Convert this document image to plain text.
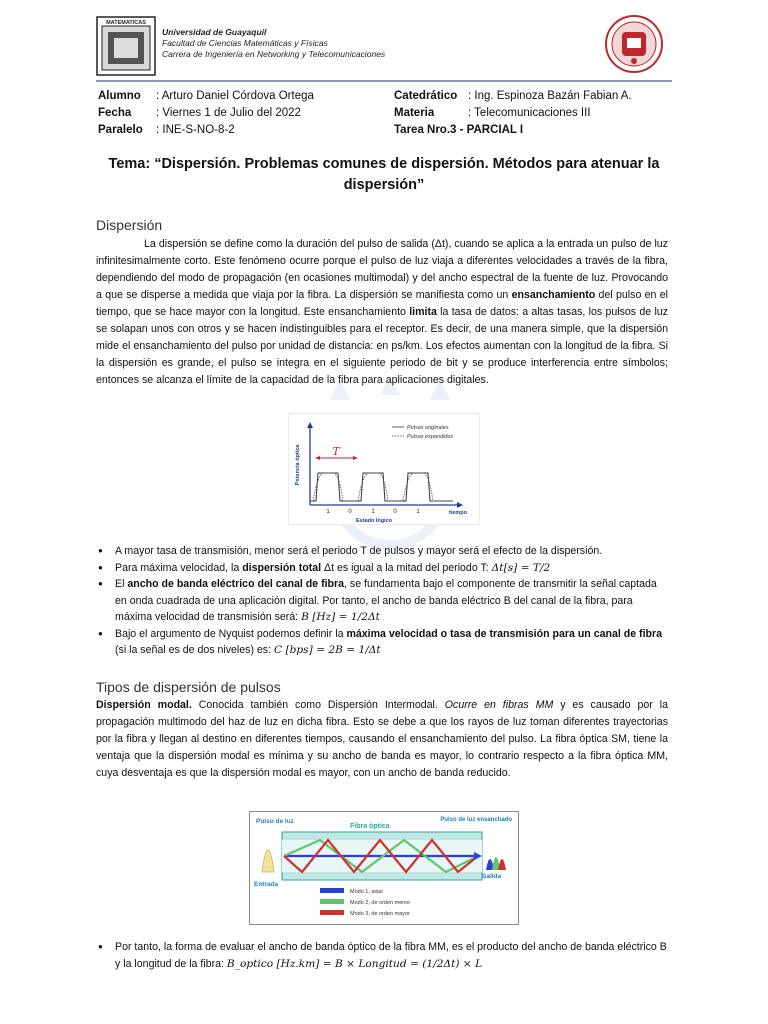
MATEMATICAS
Universidad de Guayaquil
Facultad de Ciencias Matemáticas y Físicas
Carrera de Ingeniería en Networking y Telecomunicaciones
Alumno	: Arturo Daniel Córdova Ortega
Fecha	: Viernes 1 de Julio del 2022
Paralelo	: INE-S-NO-8-2
Catedrático : Ing. Espinoza Bazán Fabian A.
Materia	: Telecomunicaciones III
Tarea Nro.3 - PARCIAL I
Tema: “Dispersión. Problemas comunes de dispersión. Métodos para atenuar la
dispersión”
Dispersión

La dispersión se define como la duración del pulso de salida (Δt), cuando se aplica a la entrada un pulso de luz infinitesimalmente corto. Este fenómeno ocurre porque el pulso de luz viaja a diferentes velocidades a través de la fibra, dependiendo del modo de propagación (en ocasiones multimodal) y del ancho espectral de la fuente de luz. Provocando a que se disperse a medida que viaja por la fibra. La dispersión se manifiesta como un ensanchamiento del pulso en el tiempo, que se hace mayor con la longitud. Este ensanchamiento limita la tasa de datos: a altas tasas, los pulsos de luz se solapan unos con otros y se hacen indistinguibles para el receptor. Es decir, de una manera simple, que la dispersión mide el ensanchamiento del pulso por unidad de distancia: en ps/km. Los efectos aumentan con la longitud de la fibra. Si la dispersión es grande, el pulso se integra en el siguiente periodo de bit y se produce interferencia entre símbolos; entonces se alcanza el límite de la capacidad de la fibra para aplicaciones digitales.

Potencia óptica
Pulsos originales
Pulsos expandidos
T
1	0	1	0	1	tiempo
Estado lógico

● A mayor tasa de transmisión, menor será el periodo T de pulsos y mayor será el efecto de la dispersión.

● Para máxima velocidad, la dispersión total Δt es igual a la mitad del periodo T: Δt[s] = T/2

● El ancho de banda eléctrico del canal de fibra, se fundamenta bajo el componente de transmitir la señal captada en onda cuadrada de una aplicación digital. Por tanto, el ancho de banda eléctrico B del canal de la fibra, para máxima velocidad de transmisión será: B [Hz] = 1/2Δt

● Bajo el argumento de Nyquist podemos definir la máxima velocidad o tasa de transmisión para un canal de fibra (si la señal es de dos niveles) es: C [bps] = 2B = 1/Δt

Tipos de dispersión de pulsos

Dispersión modal. Conocida también como Dispersión Intermodal. Ocurre en fibras MM y es causado por la propagación multimodo del haz de luz en dicha fibra. Esto se debe a que los rayos de luz toman diferentes trayectorias por la fibra y llegan al destino en diferentes tiempos, causando el ensanchamiento del pulso. La fibra óptica SM, tiene la ventaja que la dispersión modal es mínima y su ancho de banda es mayor, lo contrario respecto a la fibra óptica MM, cuya desventaja es que la dispersión modal es mayor, con un ancho de banda reducido.

Pulso de luz
Fibra óptica
Pulso de luz ensanchado
Entrada
Salida
Modo 1, axial
Modo 2, de orden menor
Modo 3, de orden mayor

● Por tanto, la forma de evaluar el ancho de banda óptico de la fibra MM, es el producto del ancho de banda eléctrico B y la longitud de la fibra: B_optico [Hz.km] = B × Longitud = (1/2Δt) × L
